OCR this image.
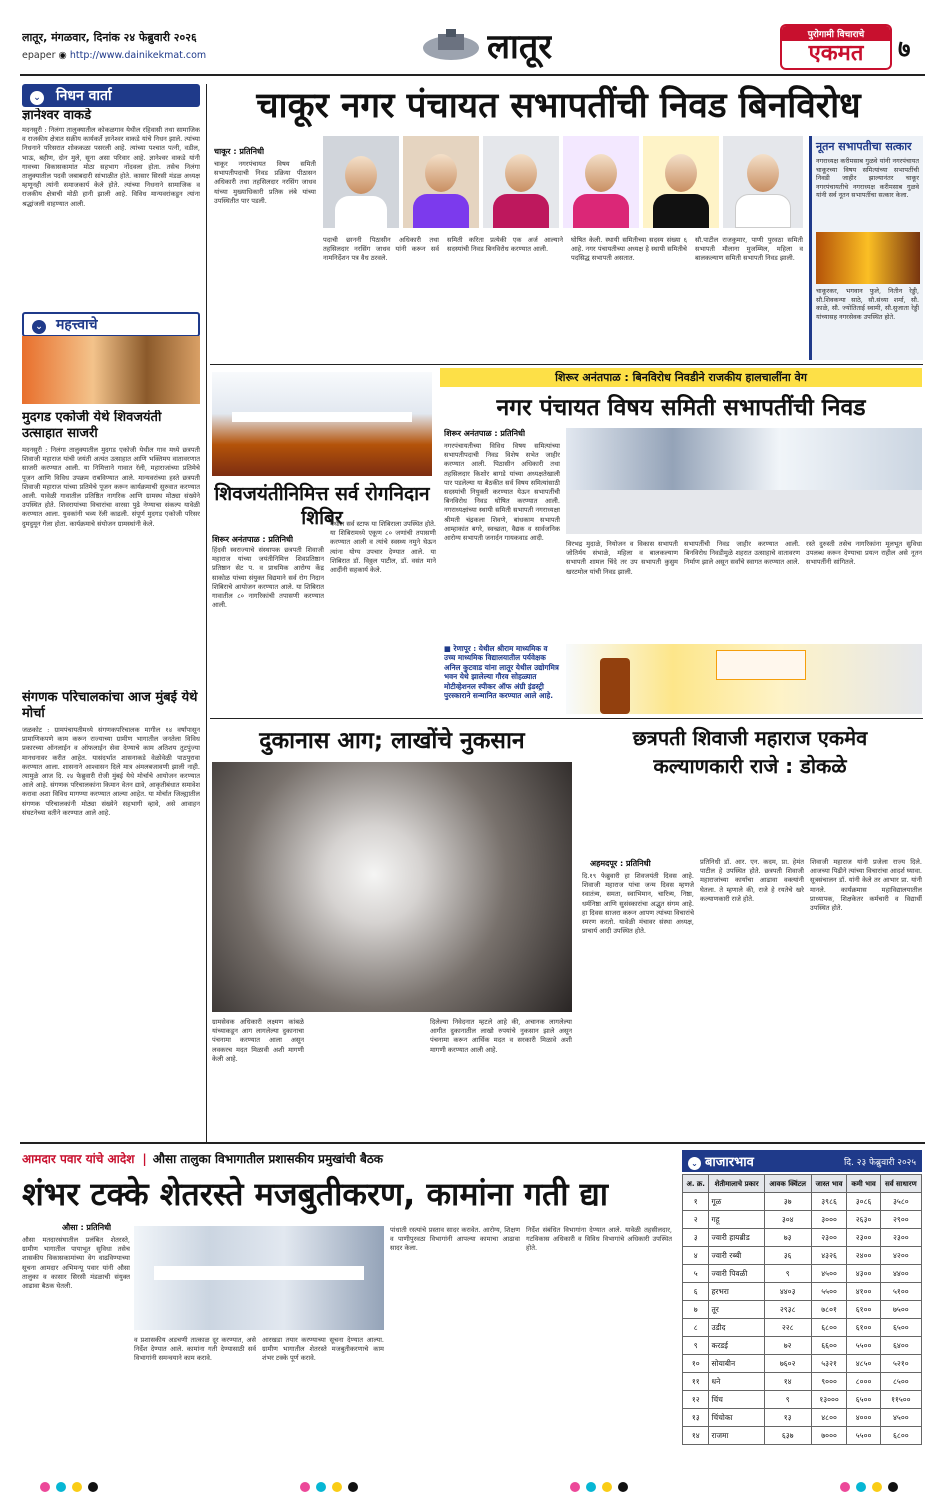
लातूर, मंगळवार, दिनांक २४ फेब्रुवारी २०२६
epaper ◉ http://www.dainikekmat.com	लातूर	पुरोगामी विचाराचे
एकमत	७
⌄ निधन वार्ता
ज्ञानेश्वर वाकडे
मदनसुरी : निलंगा तालुक्यातील कोकळगाव येथील रहिवासी तथा सामाजिक व राजकीय क्षेत्रात सक्रीय कार्यकर्ते ज्ञानेश्वर वाकडे यांचे निधन झाले. त्यांच्या निधनाने परिसरात शोककळा पसरली आहे. त्यांच्या पश्चात पत्नी, वडील, भाऊ, बहीण, दोन मुले, सूना असा परिवार आहे. ज्ञानेश्वर वाकडे यांनी गावच्या विकासकामांत मोठा सहभाग नोंदवला होता. तसेच निलंगा तालुक्यातील पदवी जबाबदारी सांभाळीत होते. कासार सिरसी मंडळ अध्यक्ष म्हणूनही त्यांनी समाजकार्य केले होते. त्यांच्या निधनाने सामाजिक व राजकीय क्षेत्राची मोठी हानी झाली आहे. विविध मान्यवरांकडून त्यांना श्रद्धांजली वाहण्यात आली.
⌄ महत्त्वाचे
मुदगड एकोजी येथे शिवजयंती उत्साहात साजरी
मदनसुरी : निलंगा तालुक्यातील मुदगड एकोजी येथील गाव मध्ये छत्रपती शिवाजी महाराज यांची जयंती अत्यंत उत्साहात आणि भक्तिमय वातावरणात साजरी करण्यात आली. या निमित्ताने गावात रॅली, महाराजांच्या प्रतिमेचे पूजन आणि विविध उपक्रम राबविण्यात आले. मान्यवरांच्या हस्ते छत्रपती शिवाजी महाराज यांच्या प्रतिमेचे पूजन करून कार्यक्रमाची सुरुवात करण्यात आली. यावेळी गावातील प्रतिष्ठित नागरिक आणि ग्रामस्थ मोठ्या संख्येने उपस्थित होते. शिवरायांच्या विचारांचा वारसा पुढे नेण्याचा संकल्प यावेळी करण्यात आला. युवकांनी भव्य रॅली काढली. संपूर्ण मुदगड एकोजी परिसर दुमदुमून गेला होता. कार्यक्रमाचे संयोजन ग्रामस्थांनी केले.
संगणक परिचालकांचा आज मुंबई येथे मोर्चा
जळकोट : ग्रामपंचायतीमध्ये संगणकपरिचालक मागील १४ वर्षांपासून प्रामाणिकपणे काम करून राज्याच्या ग्रामीण भागातील जनतेला विविध प्रकारच्या ऑनलाईन व ऑफलाईन सेवा देण्याचे काम अतिशय तुटपुंज्या मानधनावर करीत आहेत. यासंदर्भात शासनाकडे वेळोवेळी पाठपुरावा करण्यात आला. शासनाने आश्वासन दिले मात्र अंमलबजावणी झाली नाही. त्यामुळे आज दि. २४ फेब्रुवारी रोजी मुंबई येथे मोर्चाचे आयोजन करण्यात आले आहे. संगणक परिचालकांना किमान वेतन द्यावे, आकृतीबंधात समावेश करावा अशा विविध मागण्या करण्यात आल्या आहेत. या मोर्चात जिल्ह्यातील संगणक परिचालकांनी मोठ्या संख्येने सहभागी व्हावे, असे आवाहन संघटनेच्या वतीने करण्यात आले आहे.
चाकूर नगर पंचायत सभापतींची निवड बिनविरोध
चाकूर : प्रतिनिधी
चाकूर नगरपंचायत विषय समिती सभापतीपदाची निवड प्रक्रिया पीठासन अधिकारी तथा तहसिलदार नरसिंग जाधव यांच्या मुख्याधिकारी प्रतिक लंबे यांच्या उपस्थितीत पार पडली.
पदाची छाननी पिठासीन अधिकारी तथा तहसिलदार नरसिंग जाधव यांनी करून सर्व नामनिर्देशन पत्र वैध ठरवले.
समिती करिता प्रत्येकी एक अर्ज आल्याने सदस्यांची निवड बिनविरोध करण्यात आली.
घोषित केली. स्थायी समितीच्या सदस्य संख्या ६ आहे. नगर पंचायतीच्या अध्यक्ष हे स्थायी समितीचे पदसिद्ध सभापती असतात.
सौ.पाटील राजकुमार, पाणी पुरवठा समिती सभापती मौलाना मुजम्मिल, महिला व बालकल्याण समिती सभापती निवड झाली.
नूतन सभापतीचा सत्कार
नगराध्यक्ष करीमसाब गुळवे यांनी नगरपंचायत चाकूरच्या विषय समित्यांच्या सभापतींची निवडी जाहीर झाल्यानंतर चाकूर नगरपंचायतीचे नगराध्यक्ष करीमसाब गुळवे यांनी सर्व नूतन सभापतींचा सत्कार केला.
चाकूरकर, भगवान फुले, नितीन रेड्डी, सौ.शिवकन्या साठे, सौ.संध्या शर्मा, सौ. काळे, सौ. ज्योतिताई स्वामी, सौ.सुजाता रेड्डी यांच्यासह नगरसेवक उपस्थित होते.
शिवजयंतीनिमित्त सर्व रोगनिदान शिबिर
शिरूर अनंतपाळ : प्रतिनिधी
हिंदवी स्वराज्याचे संस्थापक छत्रपती शिवाजी महाराज यांच्या जयंतीनिमित्त शिवप्रतिष्ठान प्रतिष्ठान सेट प. व प्राथमिक आरोग्य केंद्र साकोळ यांच्या संयुक्त विद्यमाने सर्व रोग निदान शिबिराचे आयोजन करण्यात आले. या शिबिरात गावातील ८० नागरिकांची तपासणी करण्यात आली.
येथील सर्व स्टाफ या शिबिराला उपस्थित होते. या शिबिरामध्ये एकूण ८० जणांची तपासणी करण्यात आली व त्यांचे स्वस्थ्य नमुने घेऊन त्यांना योग्य उपचार देण्यात आले. या शिबिरात डॉ. विठ्ठल पाटील, डॉ. वसंत माने आदींनी सहकार्य केले.
शिरूर अनंतपाळ : बिनविरोध निवडीने राजकीय हालचालींना वेग
नगर पंचायत विषय समिती सभापतींची निवड
शिरूर अनंतपाळ : प्रतिनिधी
नगरपंचायतीच्या विविध विषय समित्यांच्या सभापतीपदाची निवड विशेष सभेत जाहीर करण्यात आली. पिठासीन अधिकारी तथा तहसिलदार किशोर बागडे यांच्या अध्यक्षतेखाली पार पडलेल्या या बैठकीत सर्व विषय समित्यांसाठी सदस्यांची नियुक्ती करण्यात येऊन सभापतींची बिनविरोध निवड घोषित करण्यात आली. नगराध्यक्षांच्या स्थायी समिती सभापती नगराध्यक्षा श्रीमती चंद्रकला शिवणे, बांधकाम सभापती आम्हाकांत बगरे, स्वच्छता, वैद्यक व सार्वजनिक आरोग्य सभापती जनार्दन गायकवाड आदी.
विरभद्र मुदाळे, नियोजन व विकास सभापती जोतिर्मय संभाळे, महिला व बालकल्याण सभापती शामल चिंदे तर उप सभापती कुसुम खरटमोल यांची निवड झाली.
सभापतींची निवड जाहीर करण्यात आली. बिनविरोध निवडीमुळे शहरात उत्साहाचे वातावरण निर्माण झाले असून सर्वांचे स्वागत करण्यात आले.
रस्ते दुरुस्ती तसेच नागरिकांना मूलभूत सुविधा उपलब्ध करून देण्याचा प्रयत्न राहील असे नूतन सभापतींनी सांगितले.
■ रेणापूर : येथील श्रीराम माध्यमिक व उच्च माध्यमिक विद्यालयातील पर्यवेक्षक अनिल कुटवाड यांना लातूर येथील उद्योगमित्र भवन येथे झालेल्या गौरव सोहळ्यात मोटीव्हेशनल स्पीकर ऑफ अंग्री इंडस्ट्री पुरस्काराने सन्मानित करण्यात आले आहे.
दुकानास आग; लाखोंचे नुकसान
दिलेल्या निवेदनात म्हटले आहे की, अचानक लागलेल्या आगीत दुकानातील लाखो रुपयांचे नुकसान झाले असून पंचनामा करून आर्थिक मदत व सरकारी मिळावे अशी मागणी करण्यात आली आहे.
ग्रामसेवक अधिकारी लक्ष्मण कांबळे यांच्याकडून आग लागलेल्या दुकानाचा पंचनामा करण्यात आला असून लवकरच मदत मिळावी अशी मागणी केली आहे.
छत्रपती शिवाजी महाराज एकमेव
कल्याणकारी राजे : डोकळे
अहमदपूर : प्रतिनिधी
दि.१९ फेब्रुवारी हा शिवजयंती दिवस आहे. शिवाजी महाराज यांचा जन्म दिवस म्हणजे स्वातंत्र्य, समता, स्वाभिमान, चारित्र्य, निष्ठा, धर्मनिष्ठा आणि सुसंस्कारांचा अद्भुत संगम आहे. हा दिवस साजरा करून आपण त्यांच्या विचारांचे स्मरण करतो. यावेळी मंचावर संस्था अध्यक्ष, प्राचार्य आदी उपस्थित होते.
प्रतिनिधी डॉ. आर. एन. कदम, प्रा. हेमंत पाटील हे उपस्थित होते. छत्रपती शिवाजी महाराजांच्या कार्याचा आढावा वक्त्यांनी घेतला. ते म्हणाले की, राजे हे रयतेचे खरे कल्याणकारी राजे होते.
शिवाजी महाराज यांनी प्रजेला राज्य दिले. आजच्या पिढीने त्यांच्या विचारांचा आदर्श घ्यावा. सूत्रसंचालन डॉ. यांनी केले तर आभार प्रा. यांनी मानले. कार्यक्रमास महाविद्यालयातील प्राध्यापक, शिक्षकेतर कर्मचारी व विद्यार्थी उपस्थित होते.
आमदार पवार यांचे आदेश | औसा तालुका विभागातील प्रशासकीय प्रमुखांची बैठक
शंभर टक्के शेतरस्ते मजबुतीकरण, कामांना गती द्या
औसा : प्रतिनिधी
औसा मतदारसंघातील प्रलंबित शेतरस्ते, ग्रामीण भागातील पायाभूत सुविधा तसेच शासकीय विकासकामांच्या वेग वाढविण्याच्या सूचना आमदार अभिमन्यू पवार यांनी औसा तालुका व कासार सिरसी मंडळाची संयुक्त आढावा बैठक घेतली.
व प्रशासकीय अडचणी तात्काळ दूर करण्यात, असे निर्देश देण्यात आले. कामांना गती देण्यासाठी सर्व विभागांनी समन्वयाने काम करावे.
आरखडा तयार करण्याच्या सूचना देण्यात आल्या. ग्रामीण भागातील शेतरस्ते मजबुतीकरणाचे काम शंभर टक्के पूर्ण करावे.
पांधाती रस्त्यांचे प्रस्ताव सादर करावेत. आरोग्य, शिक्षण व पाणीपुरवठा विभागांनी आपल्या कामाचा आढावा सादर केला.
निर्देश संबंधित विभागांना देण्यात आले. यावेळी तहसीलदार, गटविकास अधिकारी व विविध विभागांचे अधिकारी उपस्थित होते.
⌄ बाजारभाव	दि. २३ फेब्रुवारी २०२५
अ. क्र.	शेतीमालाचे प्रकार	आवक क्विंटल	जास्त भाव	कमी भाव	सर्व साधारण
१	गूळ	३७	३९८६	३०८६	३५८०
२	गहू	३०४	३०००	२६३०	२९००
३	ज्वारी हायब्रीड	७३	२३००	२३००	२३००
४	ज्वारी रब्बी	३६	४३२६	२४००	४२००
५	ज्वारी पिवळी	९	४५००	४३००	४४००
६	हरभरा	४४०३	५५००	४१००	५१००
७	तूर	२९३८	७८०१	६१००	७५००
८	उडीद	२२८	६८००	६१००	६५००
९	करडई	७२	६६००	५५००	६४००
१०	सोयाबीन	७६०२	५३२१	४८५०	५२१०
११	धने	१४	९०००	८०००	८५००
१२	चिंच	९	१३०००	६५००	११५००
१३	चिंचोका	१३	४८००	४०००	४५००
१४	राजमा	६३७	७०००	५५००	६८००
